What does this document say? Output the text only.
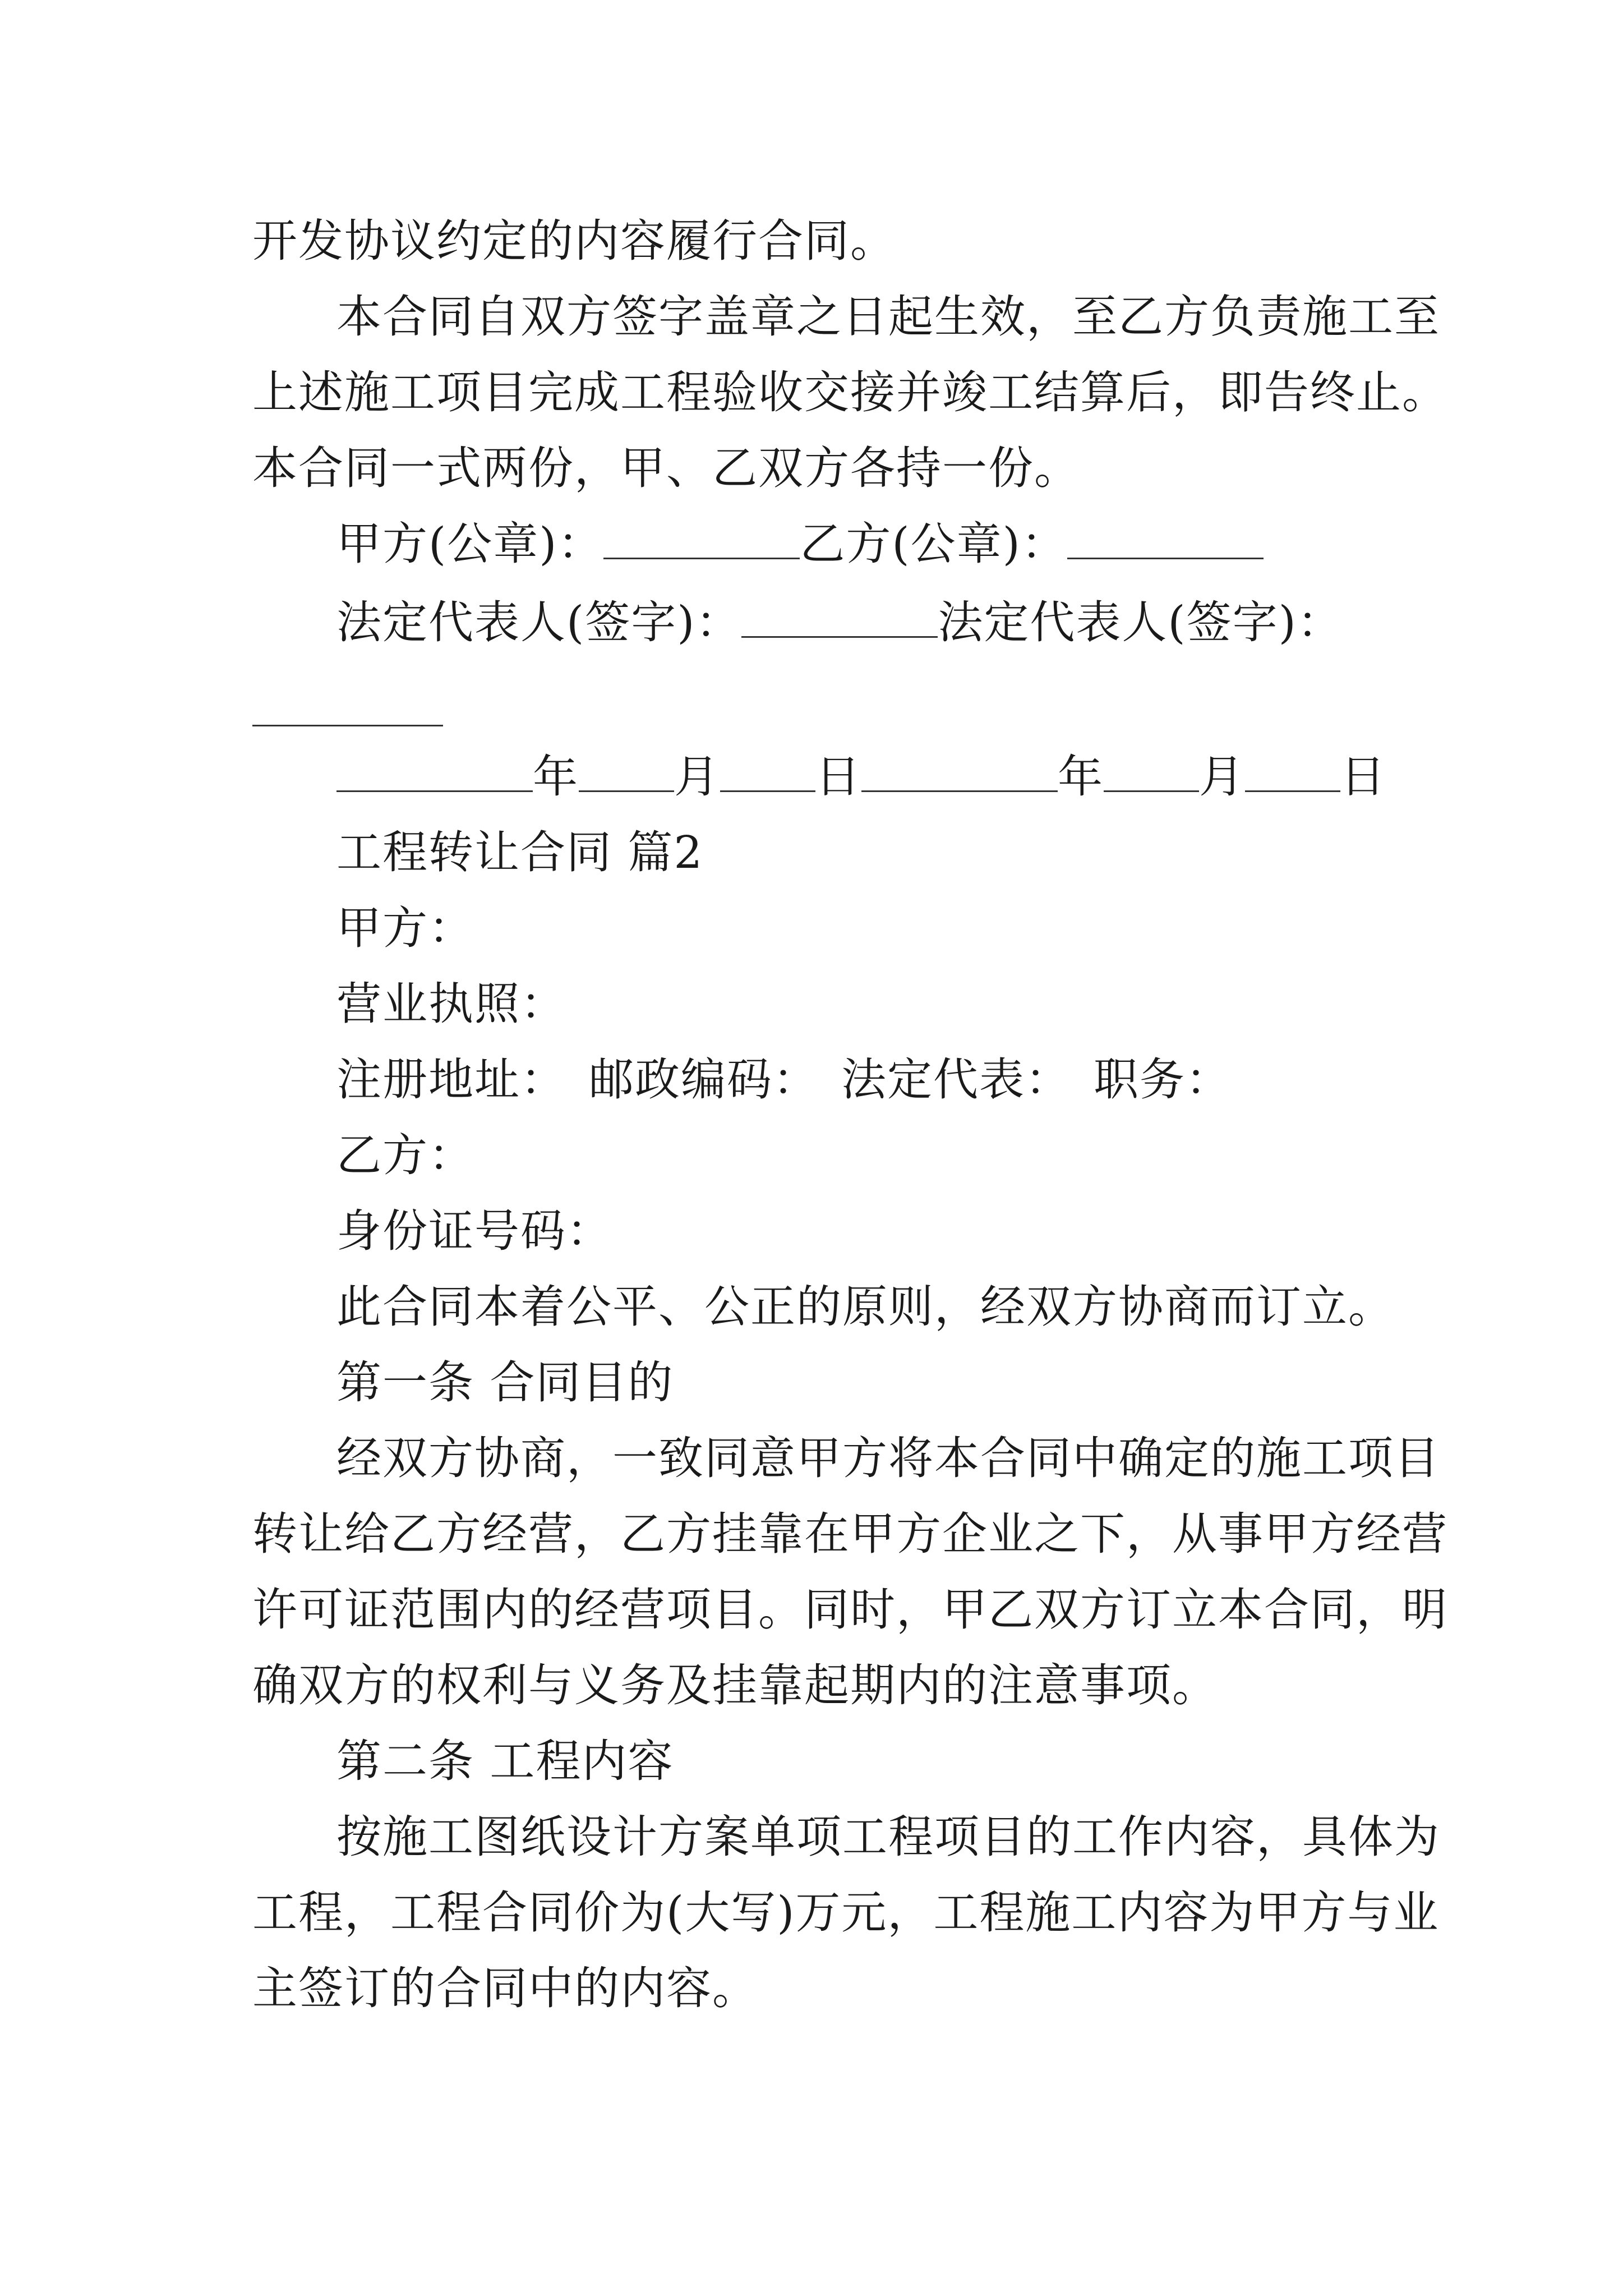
开发协议约定的内容履行合同。
本合同自双方签字盖章之日起生效，至乙方负责施工至
上述施工项目完成工程验收交接并竣工结算后，即告终止。
本合同一式两份，甲、乙双方各持一份。
甲方(公章)：	乙方(公章)：
法定代表人(签字)：	法定代表人(签字)：
年 月 日	年 月 日
工程转让合同 篇2
甲方：
营业执照：
注册地址： 邮政编码： 法定代表： 职务：
乙方：
身份证号码：
此合同本着公平、公正的原则，经双方协商而订立。
第一条 合同目的
经双方协商，一致同意甲方将本合同中确定的施工项目
转让给乙方经营，乙方挂靠在甲方企业之下，从事甲方经营
许可证范围内的经营项目。同时，甲乙双方订立本合同，明
确双方的权利与义务及挂靠起期内的注意事项。
第二条 工程内容
按施工图纸设计方案单项工程项目的工作内容，具体为
工程，工程合同价为(大写)万元，工程施工内容为甲方与业
主签订的合同中的内容。
